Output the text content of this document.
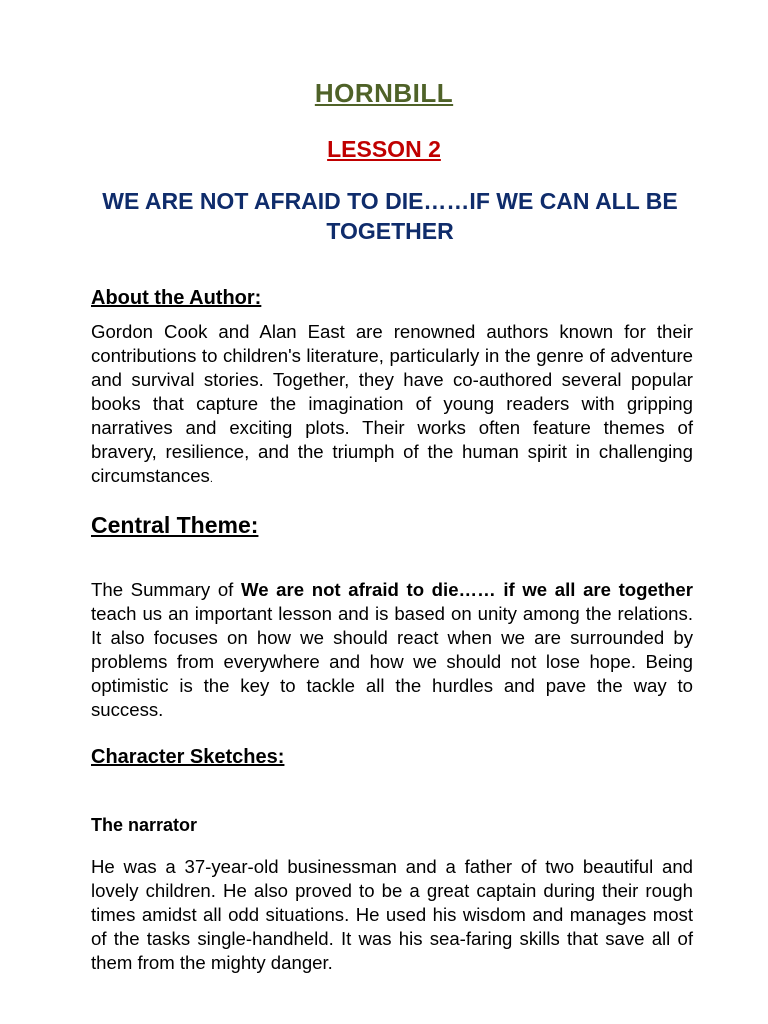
HORNBILL
LESSON 2
WE ARE NOT AFRAID TO DIE……IF WE CAN ALL BE TOGETHER
About the Author:

Gordon Cook and Alan East are renowned authors known for their contributions to children's literature, particularly in the genre of adventure and survival stories. Together, they have co-authored several popular books that capture the imagination of young readers with gripping narratives and exciting plots. Their works often feature themes of bravery, resilience, and the triumph of the human spirit in challenging circumstances.

Central Theme:

The Summary of We are not afraid to die…… if we all are together teach us an important lesson and is based on unity among the relations. It also focuses on how we should react when we are surrounded by problems from everywhere and how we should not lose hope. Being optimistic is the key to tackle all the hurdles and pave the way to success.

Character Sketches:
The narrator

He was a 37-year-old businessman and a father of two beautiful and lovely children. He also proved to be a great captain during their rough times amidst all odd situations. He used his wisdom and manages most of the tasks single-handheld. It was his sea-faring skills that save all of them from the mighty danger.
